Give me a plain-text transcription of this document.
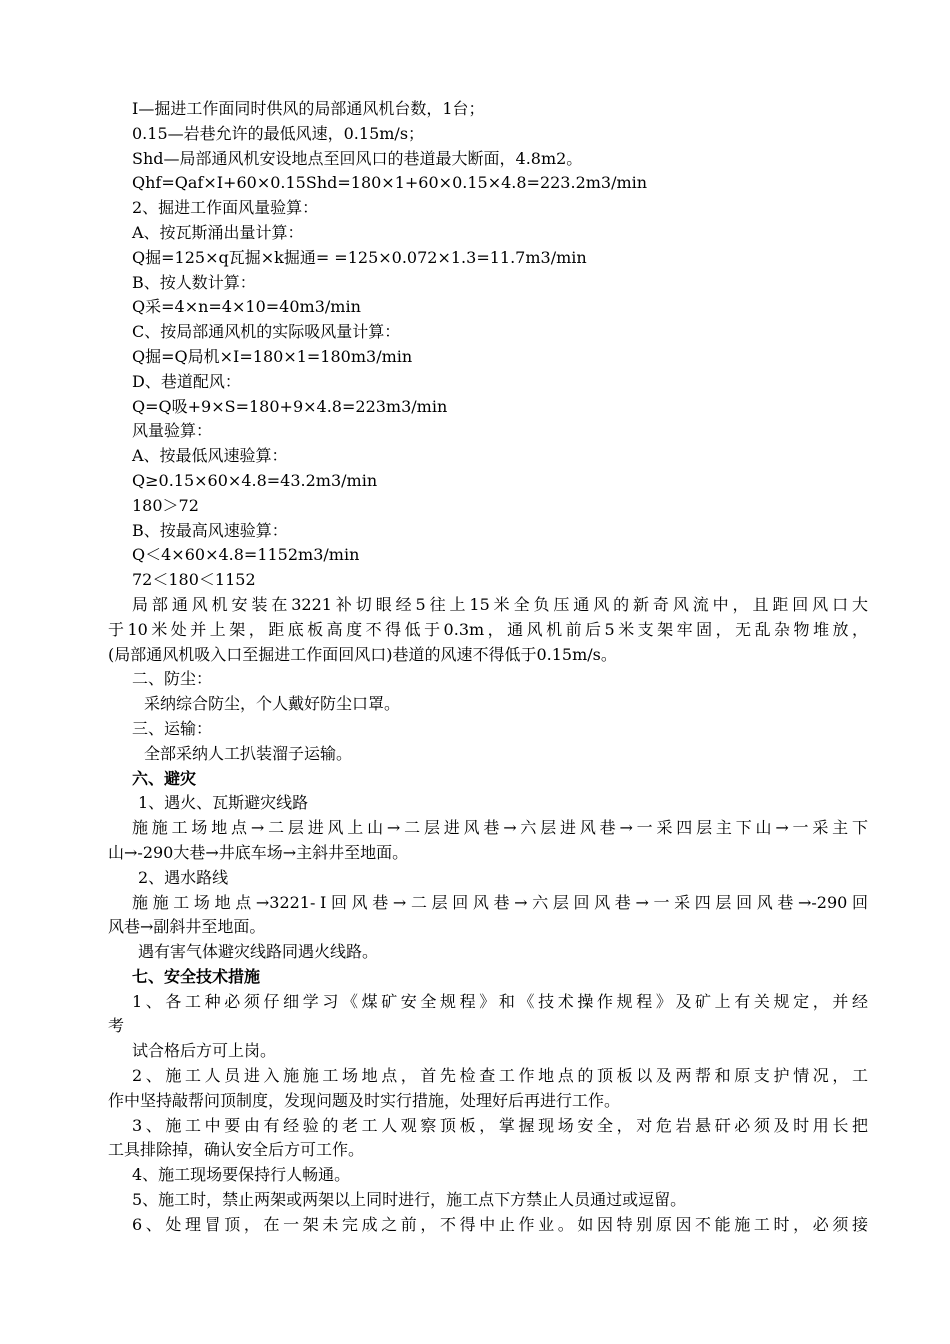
I—掘进工作面同时供风的局部通风机台数，1台；
0.15—岩巷允许的最低风速，0.15m/s；
Shd—局部通风机安设地点至回风口的巷道最大断面，4.8m2。
Qhf=Qaf×I+60×0.15Shd=180×1+60×0.15×4.8=223.2m3/min
2、掘进工作面风量验算：
A、按瓦斯涌出量计算：
Q掘=125×q瓦掘×k掘通= =125×0.072×1.3=11.7m3/min
B、按人数计算：
Q采=4×n=4×10=40m3/min
C、按局部通风机的实际吸风量计算：
Q掘=Q局机×I=180×1=180m3/min
D、巷道配风：
Q=Q吸+9×S=180+9×4.8=223m3/min
风量验算：
A、按最低风速验算：
Q≥0.15×60×4.8=43.2m3/min
180＞72
B、按最高风速验算：
Q＜4×60×4.8=1152m3/min
72＜180＜1152
局部通风机安装在3221补切眼经5往上15米全负压通风的新奇风流中，且距回风口大
于10米处并上架，距底板高度不得低于0.3m，通风机前后5米支架牢固，无乱杂物堆放，
(局部通风机吸入口至掘进工作面回风口)巷道的风速不得低于0.15m/s。
二、防尘：
采纳综合防尘，个人戴好防尘口罩。
三、运输：
全部采纳人工扒装溜子运输。
六、避灾
1、遇火、瓦斯避灾线路
施施工场地点→二层进风上山→二层进风巷→六层进风巷→一采四层主下山→一采主下
山→-290大巷→井底车场→主斜井至地面。
2、遇水路线
施施工场地点→3221-Ⅰ回风巷→二层回风巷→六层回风巷→一采四层回风巷→-290回
风巷→副斜井至地面。
遇有害气体避灾线路同遇火线路。
七、安全技术措施
1、各工种必须仔细学习《煤矿安全规程》和《技术操作规程》及矿上有关规定，并经
考
试合格后方可上岗。
2、施工人员进入施施工场地点，首先检查工作地点的顶板以及两帮和原支护情况，工
作中坚持敲帮问顶制度，发现问题及时实行措施，处理好后再进行工作。
3、施工中要由有经验的老工人观察顶板，掌握现场安全，对危岩悬矸必须及时用长把
工具排除掉，确认安全后方可工作。
4、施工现场要保持行人畅通。
5、施工时，禁止两架或两架以上同时进行，施工点下方禁止人员通过或逗留。
6、处理冒顶，在一架未完成之前，不得中止作业。如因特别原因不能施工时，必须接
